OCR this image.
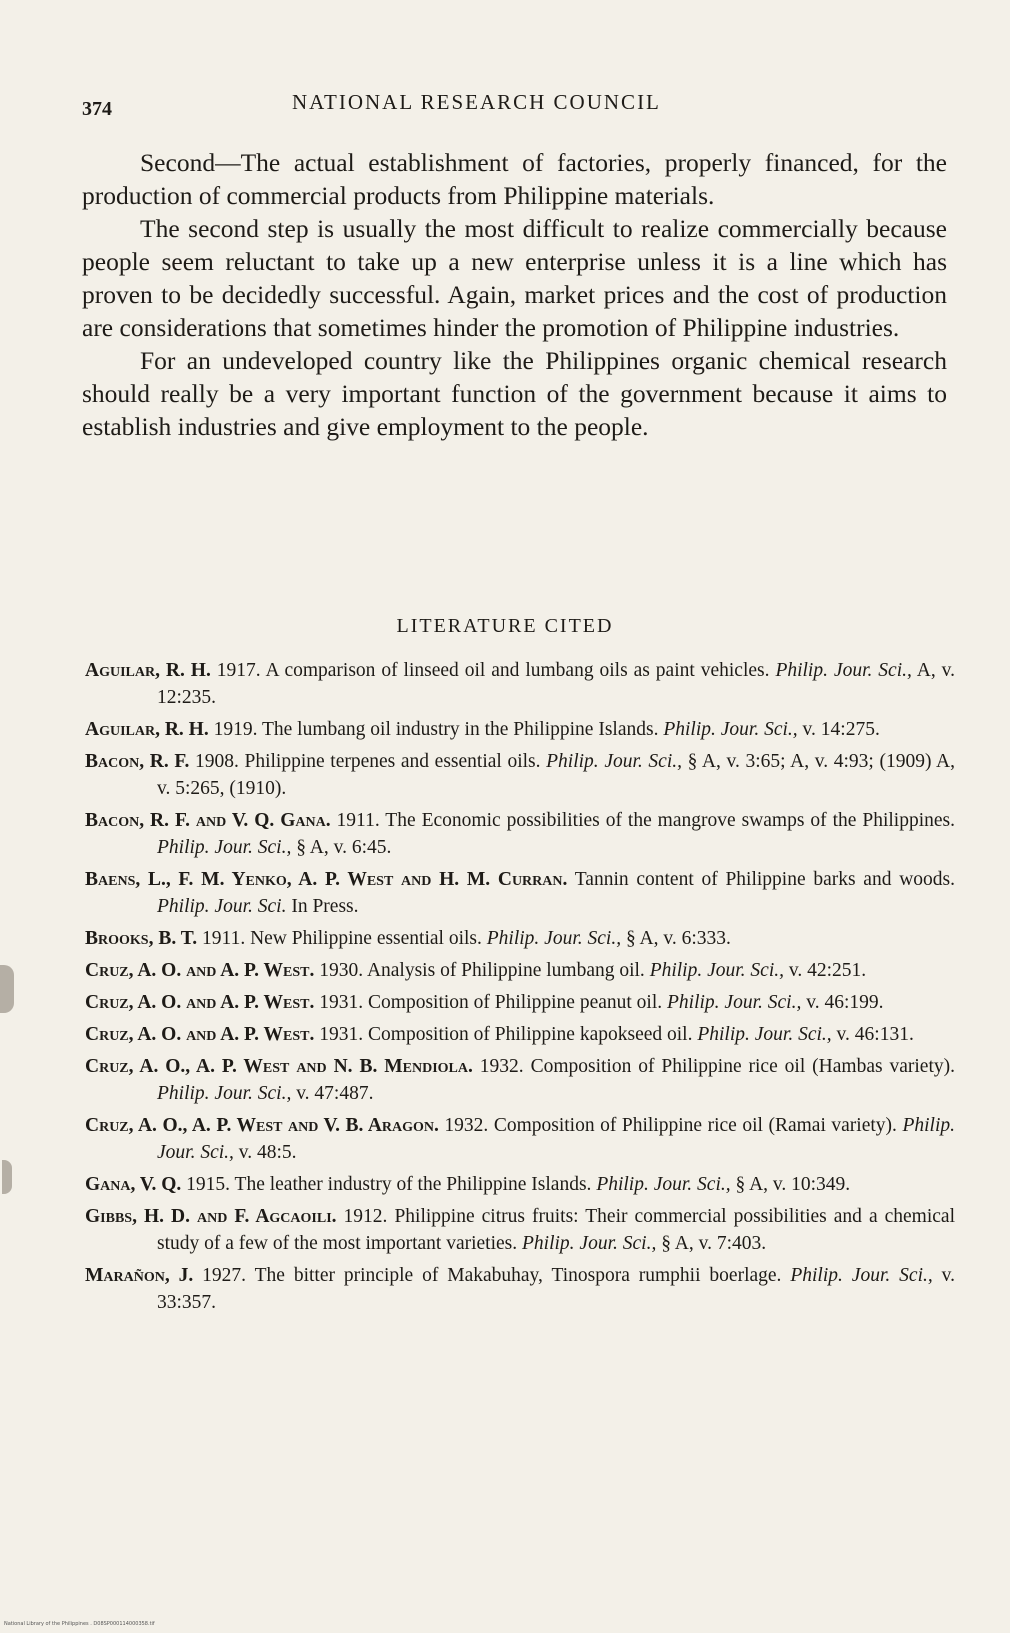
374	NATIONAL RESEARCH COUNCIL

Second—The actual establishment of factories, properly financed, for the production of commercial products from Philippine materials.

The second step is usually the most difficult to realize commercially because people seem reluctant to take up a new enterprise unless it is a line which has proven to be decidedly successful. Again, market prices and the cost of production are considerations that sometimes hinder the promotion of Philippine industries.

For an undeveloped country like the Philippines organic chemical research should really be a very important function of the government because it aims to establish industries and give employment to the people.

LITERATURE CITED
Aguilar, R. H. 1917. A comparison of linseed oil and lumbang oils as paint vehicles. Philip. Jour. Sci., A, v. 12:235.
Aguilar, R. H. 1919. The lumbang oil industry in the Philippine Islands. Philip. Jour. Sci., v. 14:275.
Bacon, R. F. 1908. Philippine terpenes and essential oils. Philip. Jour. Sci., § A, v. 3:65; A, v. 4:93; (1909) A, v. 5:265, (1910).
Bacon, R. F. and V. Q. Gana. 1911. The Economic possibilities of the mangrove swamps of the Philippines. Philip. Jour. Sci., § A, v. 6:45.
Baens, L., F. M. Yenko, A. P. West and H. M. Curran. Tannin content of Philippine barks and woods. Philip. Jour. Sci. In Press.
Brooks, B. T. 1911. New Philippine essential oils. Philip. Jour. Sci., § A, v. 6:333.
Cruz, A. O. and A. P. West. 1930. Analysis of Philippine lumbang oil. Philip. Jour. Sci., v. 42:251.
Cruz, A. O. and A. P. West. 1931. Composition of Philippine peanut oil. Philip. Jour. Sci., v. 46:199.
Cruz, A. O. and A. P. West. 1931. Composition of Philippine kapokseed oil. Philip. Jour. Sci., v. 46:131.
Cruz, A. O., A. P. West and N. B. Mendiola. 1932. Composition of Philippine rice oil (Hambas variety). Philip. Jour. Sci., v. 47:487.
Cruz, A. O., A. P. West and V. B. Aragon. 1932. Composition of Philippine rice oil (Ramai variety). Philip. Jour. Sci., v. 48:5.
Gana, V. Q. 1915. The leather industry of the Philippine Islands. Philip. Jour. Sci., § A, v. 10:349.
Gibbs, H. D. and F. Agcaoili. 1912. Philippine citrus fruits: Their commercial possibilities and a chemical study of a few of the most important varieties. Philip. Jour. Sci., § A, v. 7:403.
Marañon, J. 1927. The bitter principle of Makabuhay, Tinospora rumphii boerlage. Philip. Jour. Sci., v. 33:357.
National Library of the Philippines . D08SP000114000358.tif
